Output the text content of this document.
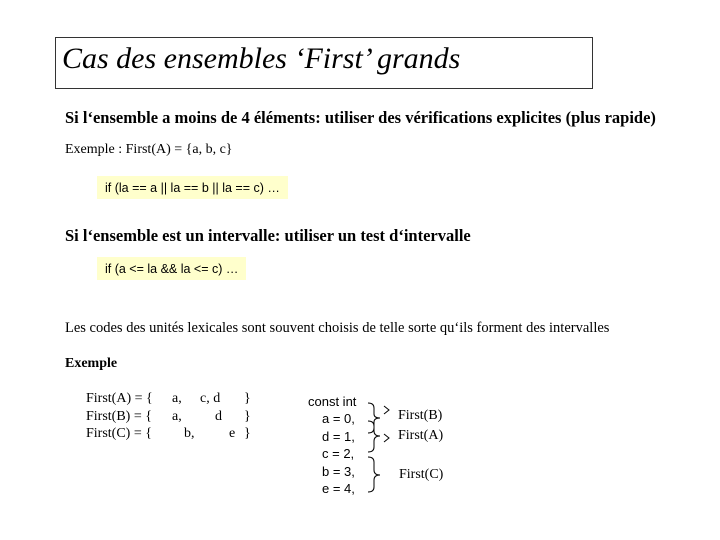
Cas des ensembles ‘First’ grands
Si l‘ensemble a moins de 4 éléments: utiliser des vérifications explicites (plus rapide)
Exemple : First(A) = {a, b, c}
if (la == a || la == b || la == c) …
Si l‘ensemble est un intervalle: utiliser un test d‘intervalle
if (a <= la && la <= c) …
Les codes des unités lexicales sont souvent choisis de telle sorte qu‘ils forment des intervalles
Exemple
First(A) = { a, c, d }
First(B) = { a, d }
First(C) = { b, e }
const int
a = 0,
d = 1,
c = 2,
b = 3,
e = 4,
First(B)
First(A)
First(C)
